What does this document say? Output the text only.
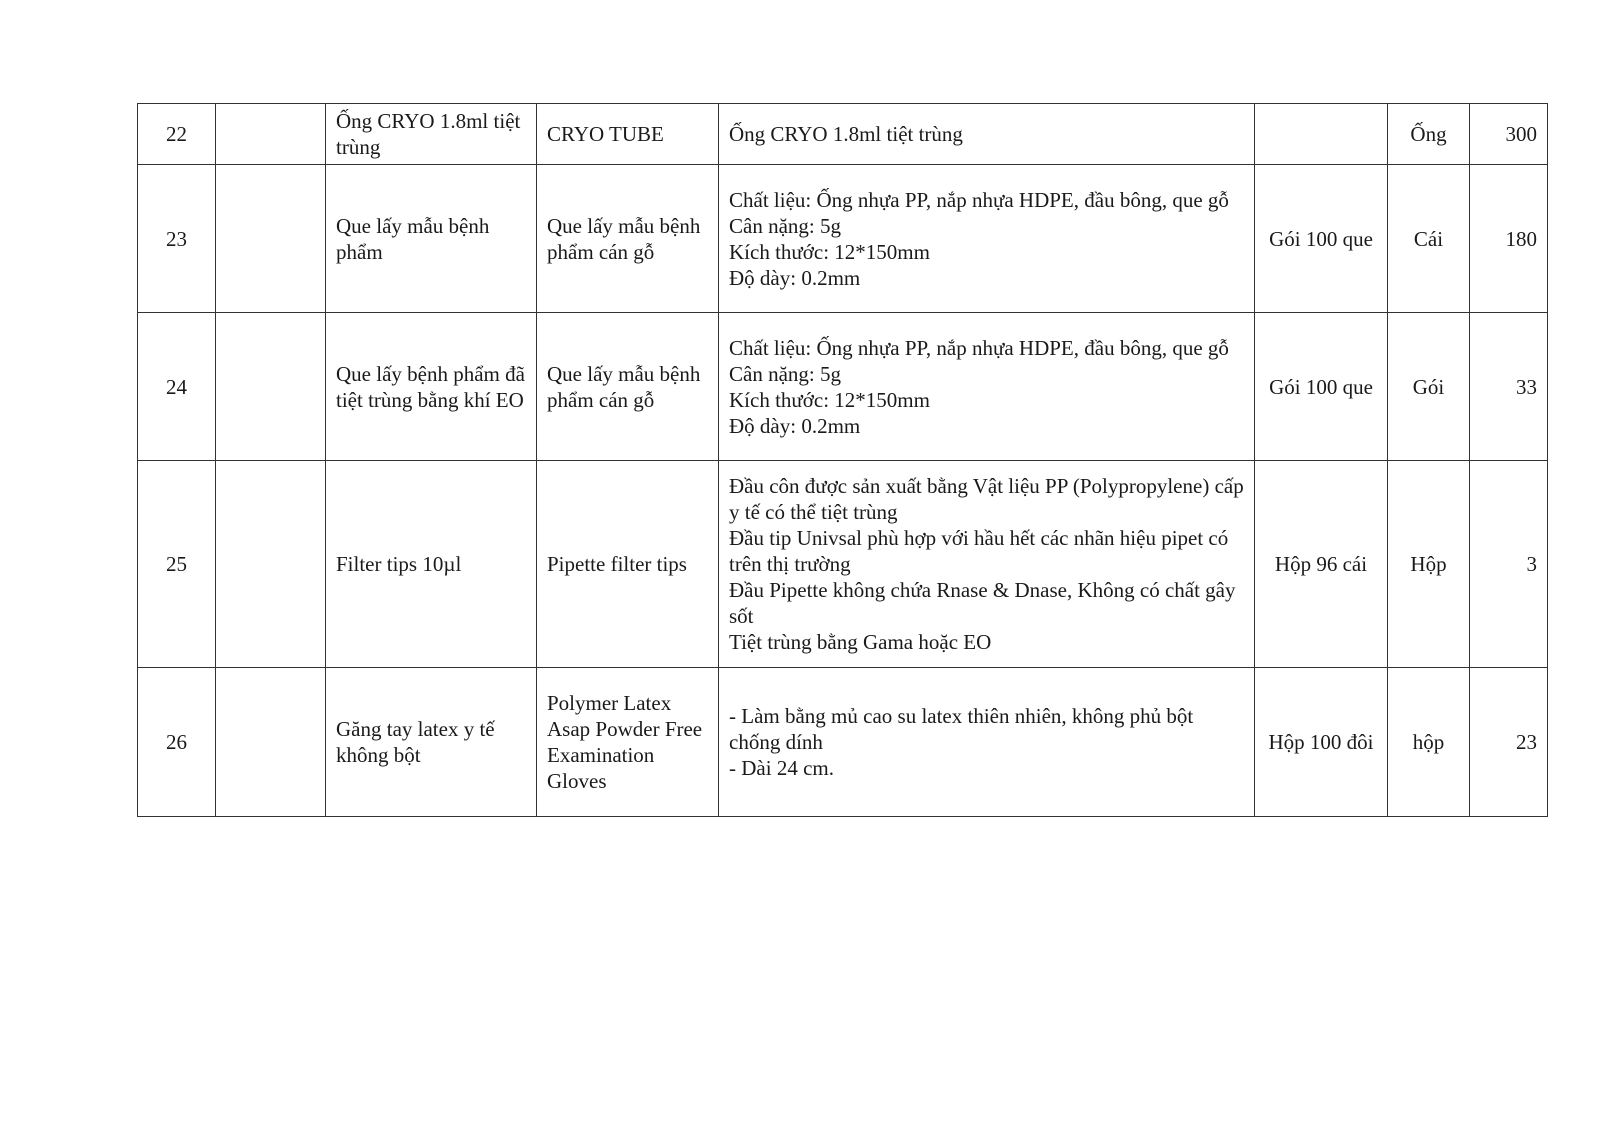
22		Ống CRYO 1.8ml tiệt trùng	CRYO TUBE	Ống CRYO 1.8ml tiệt trùng		Ống	300
23		Que lấy mẫu bệnh phẩm	Que lấy mẫu bệnh phẩm cán gỗ	Chất liệu: Ống nhựa PP, nắp nhựa HDPE, đầu bông, que gỗ
Cân nặng: 5g
Kích thước: 12*150mm
Độ dày: 0.2mm	Gói 100 que	Cái	180
24		Que lấy bệnh phẩm đã tiệt trùng bằng khí EO	Que lấy mẫu bệnh phẩm cán gỗ	Chất liệu: Ống nhựa PP, nắp nhựa HDPE, đầu bông, que gỗ
Cân nặng: 5g
Kích thước: 12*150mm
Độ dày: 0.2mm	Gói 100 que	Gói	33
25		Filter tips 10µl	Pipette filter tips	Đầu côn được sản xuất bằng Vật liệu PP (Polypropylene) cấp y tế có thể tiệt trùng
Đầu tip Univsal phù hợp với hầu hết các nhãn hiệu pipet có trên thị trường
Đầu Pipette không chứa Rnase & Dnase, Không có chất gây sốt
Tiệt trùng bằng Gama hoặc EO	Hộp 96 cái	Hộp	3
26		Găng tay latex y tế không bột	Polymer Latex Asap Powder Free Examination Gloves	- Làm bằng mủ cao su latex thiên nhiên, không phủ bột chống dính
- Dài 24 cm.	Hộp 100 đôi	hộp	23
